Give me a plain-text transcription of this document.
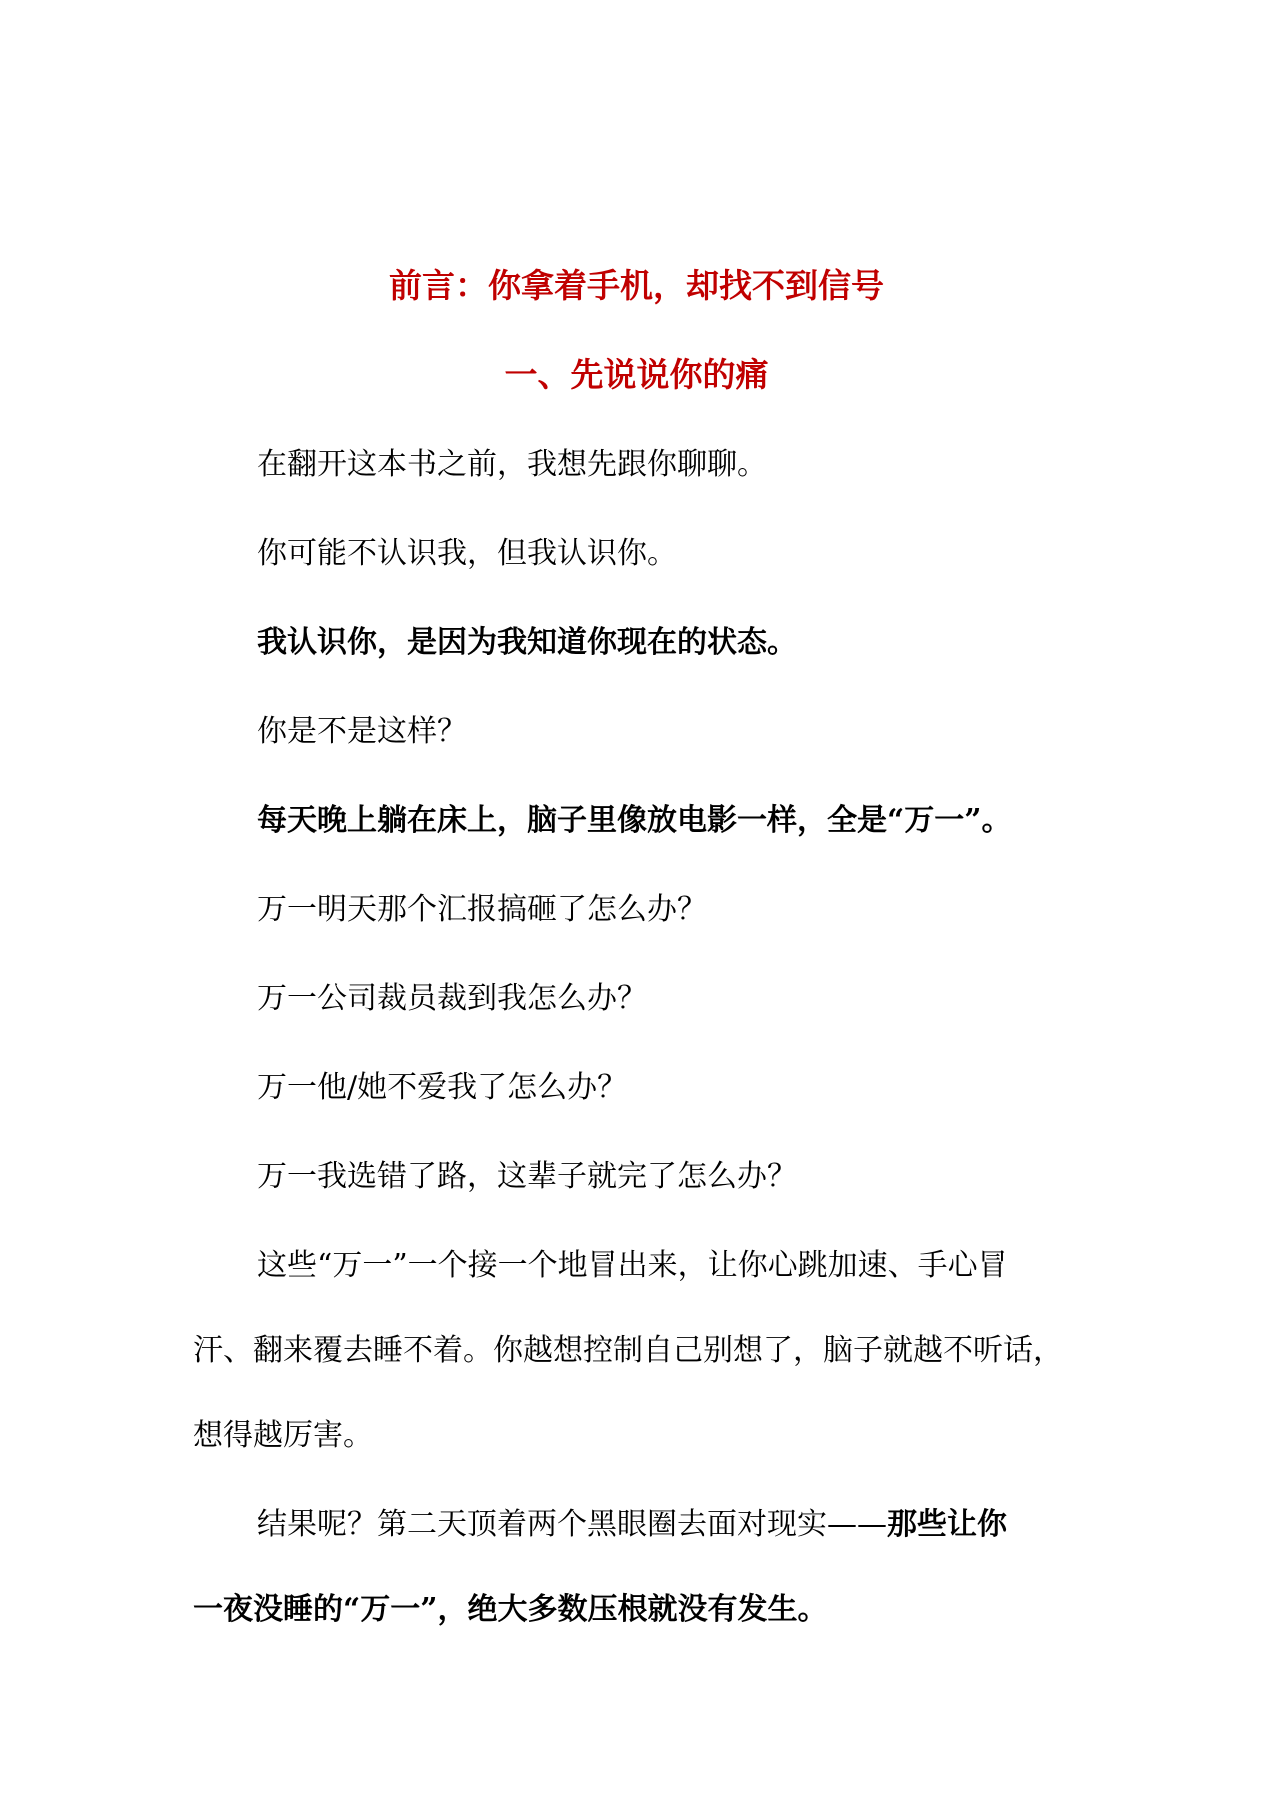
前言：你拿着手机，却找不到信号
一、先说说你的痛

在翻开这本书之前，我想先跟你聊聊。

你可能不认识我，但我认识你。

我认识你，是因为我知道你现在的状态。

你是不是这样？

每天晚上躺在床上，脑子里像放电影一样，全是“万一”。

万一明天那个汇报搞砸了怎么办？

万一公司裁员裁到我怎么办？

万一他/她不爱我了怎么办？

万一我选错了路，这辈子就完了怎么办？

这些“万一”一个接一个地冒出来，让你心跳加速、手心冒

汗、翻来覆去睡不着。你越想控制自己别想了，脑子就越不听话，

想得越厉害。

结果呢？第二天顶着两个黑眼圈去面对现实——那些让你

一夜没睡的“万一”，绝大多数压根就没有发生。
